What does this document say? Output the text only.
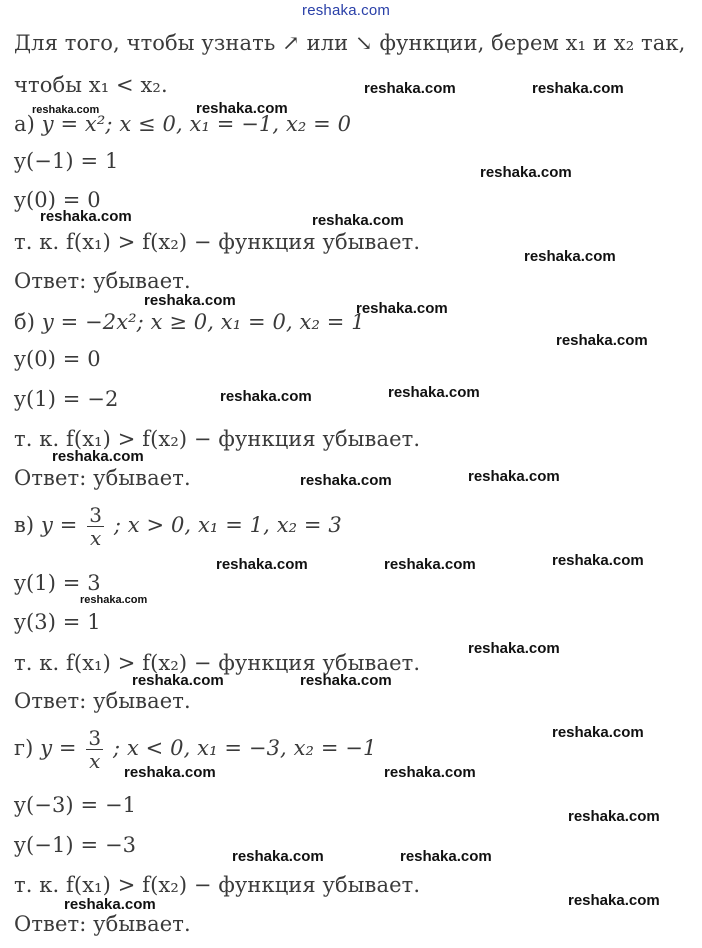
reshaka.com
Для того, чтобы узнать ↗ или ↘ функции, берем x₁ и x₂ так,
чтобы x₁ < x₂.
а) y = x²; x ≤ 0, x₁ = −1, x₂ = 0
y(−1) = 1
y(0) = 0
т. к. f(x₁) > f(x₂) − функция убывает.
Ответ: убывает.
б) y = −2x²; x ≥ 0, x₁ = 0, x₂ = 1
y(0) = 0
y(1) = −2
т. к. f(x₁) > f(x₂) − функция убывает.
Ответ: убывает.
в) $y = \frac{3}{x}$ ; x > 0, x₁ = 1, x₂ = 3
y(1) = 3
y(3) = 1
т. к. f(x₁) > f(x₂) − функция убывает.
Ответ: убывает.
г) $y = \frac{3}{x}$ ; x < 0, x₁ = −3, x₂ = −1
y(−3) = −1
y(−1) = −3
т. к. f(x₁) > f(x₂) − функция убывает.
Ответ: убывает.
reshaka.com	reshaka.com
reshaka.com	reshaka.com
reshaka.com
reshaka.com	reshaka.com
reshaka.com
reshaka.com	reshaka.com
reshaka.com
reshaka.com
reshaka.com
reshaka.com
reshaka.com
reshaka.com
reshaka.com
reshaka.com	reshaka.com
reshaka.com
reshaka.com
reshaka.com	reshaka.com
reshaka.com
reshaka.com	reshaka.com
reshaka.com
reshaka.com	reshaka.com
reshaka.com
reshaka.com
